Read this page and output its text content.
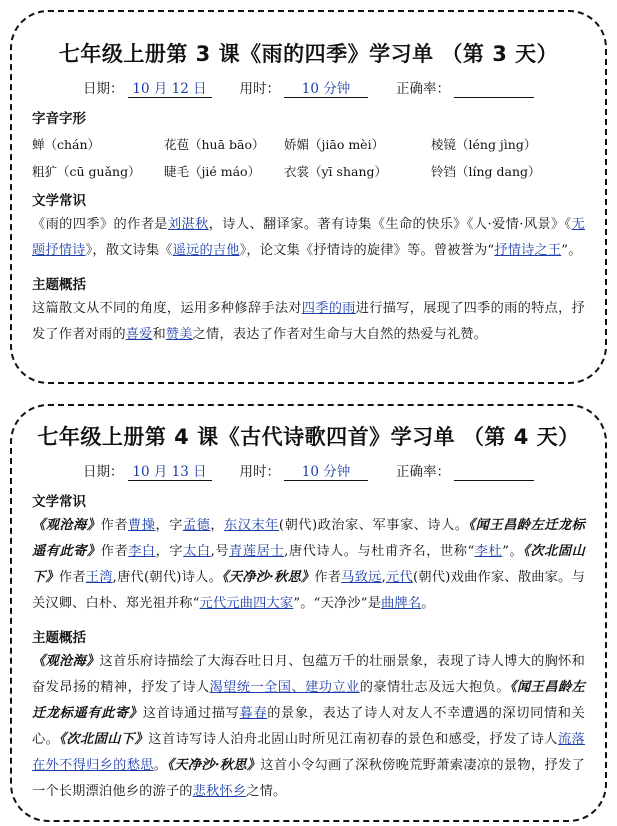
七年级上册第 3 课《雨的四季》学习单 （第 3 天）
日期： 10 月 12 日	用时：	10 分钟	正确率：

字音字形
蝉（chán）	花苞（huā bāo）	娇媚（jiāo mèi）	棱镜（léng jìng）
粗犷（cū guǎng）	睫毛（jié máo）	衣裳（yī shang）	铃铛（líng dang）
文学常识

《雨的四季》的作者是刘湛秋，诗人、翻译家。著有诗集《生命的快乐》《人·爱情·风景》《无题抒情诗》，散文诗集《遥远的吉他》，论文集《抒情诗的旋律》等。曾被誉为“抒情诗之王”。

主题概括

这篇散文从不同的角度，运用多种修辞手法对四季的雨进行描写，展现了四季的雨的特点，抒发了作者对雨的喜爱和赞美之情，表达了作者对生命与大自然的热爱与礼赞。

七年级上册第 4 课《古代诗歌四首》学习单 （第 4 天）
日期： 10 月 13 日	用时：	10 分钟	正确率：

文学常识

《观沧海》作者曹操，字孟德，东汉末年(朝代)政治家、军事家、诗人。《闻王昌龄左迁龙标遥有此寄》作者李白，字太白,号青莲居士,唐代诗人。与杜甫齐名，世称“李杜”。《次北固山下》作者王湾,唐代(朝代)诗人。《天净沙·秋思》作者马致远,元代(朝代)戏曲作家、散曲家。与关汉卿、白朴、郑光祖并称“元代元曲四大家”。“天净沙”是曲牌名。

主题概括

《观沧海》这首乐府诗描绘了大海吞吐日月、包蕴万千的壮丽景象，表现了诗人博大的胸怀和奋发昂扬的精神，抒发了诗人渴望统一全国、建功立业的豪情壮志及远大抱负。《闻王昌龄左迁龙标遥有此寄》这首诗通过描写暮春的景象，表达了诗人对友人不幸遭遇的深切同情和关心。《次北固山下》这首诗写诗人泊舟北固山时所见江南初春的景色和感受，抒发了诗人流落在外不得归乡的愁思。《天净沙·秋思》这首小令勾画了深秋傍晚荒野萧索凄凉的景物，抒发了一个长期漂泊他乡的游子的悲秋怀乡之情。
